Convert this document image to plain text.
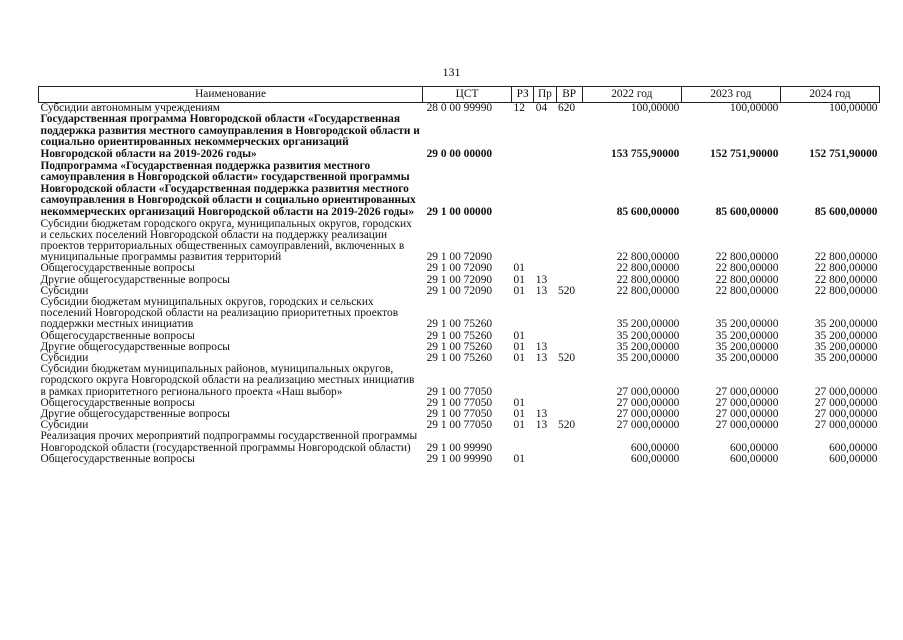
131
Наименование	ЦСТ	РЗ	Пр	ВР	2022 год	2023 год	2024 год
Субсидии автономным учреждениям	28 0 00 99990	12	04	620	100,00000	100,00000	100,00000
Государственная программа Новгородской области «Государственная поддержка развития местного самоуправления в Новгородской области и социально ориентированных некоммерческих организаций Новгородской области на 2019-2026 годы»	29 0 00 00000				153 755,90000	152 751,90000	152 751,90000
Подпрограмма «Государственная поддержка развития местного самоуправления в Новгородской области» государственной программы Новгородской области «Государственная поддержка развития местного самоуправления в Новгородской области и социально ориентированных некоммерческих организаций Новгородской области на 2019-2026 годы»	29 1 00 00000				85 600,00000	85 600,00000	85 600,00000
Субсидии бюджетам городского округа, муниципальных округов, городских и сельских поселений Новгородской области на поддержку реализации проектов территориальных общественных самоуправлений, включенных в муниципальные программы развития территорий	29 1 00 72090				22 800,00000	22 800,00000	22 800,00000
Общегосударственные вопросы	29 1 00 72090	01			22 800,00000	22 800,00000	22 800,00000
Другие общегосударственные вопросы	29 1 00 72090	01	13		22 800,00000	22 800,00000	22 800,00000
Субсидии	29 1 00 72090	01	13	520	22 800,00000	22 800,00000	22 800,00000
Субсидии бюджетам муниципальных округов, городских и сельских поселений Новгородской области на реализацию приоритетных проектов поддержки местных инициатив	29 1 00 75260				35 200,00000	35 200,00000	35 200,00000
Общегосударственные вопросы	29 1 00 75260	01			35 200,00000	35 200,00000	35 200,00000
Другие общегосударственные вопросы	29 1 00 75260	01	13		35 200,00000	35 200,00000	35 200,00000
Субсидии	29 1 00 75260	01	13	520	35 200,00000	35 200,00000	35 200,00000
Субсидии бюджетам муниципальных районов, муниципальных округов, городского округа Новгородской области на реализацию местных инициатив в рамках приоритетного регионального проекта «Наш выбор»	29 1 00 77050				27 000,00000	27 000,00000	27 000,00000
Общегосударственные вопросы	29 1 00 77050	01			27 000,00000	27 000,00000	27 000,00000
Другие общегосударственные вопросы	29 1 00 77050	01	13		27 000,00000	27 000,00000	27 000,00000
Субсидии	29 1 00 77050	01	13	520	27 000,00000	27 000,00000	27 000,00000
Реализация прочих мероприятий подпрограммы государственной программы Новгородской области (государственной программы Новгородской области)	29 1 00 99990				600,00000	600,00000	600,00000
Общегосударственные вопросы	29 1 00 99990	01			600,00000	600,00000	600,00000
